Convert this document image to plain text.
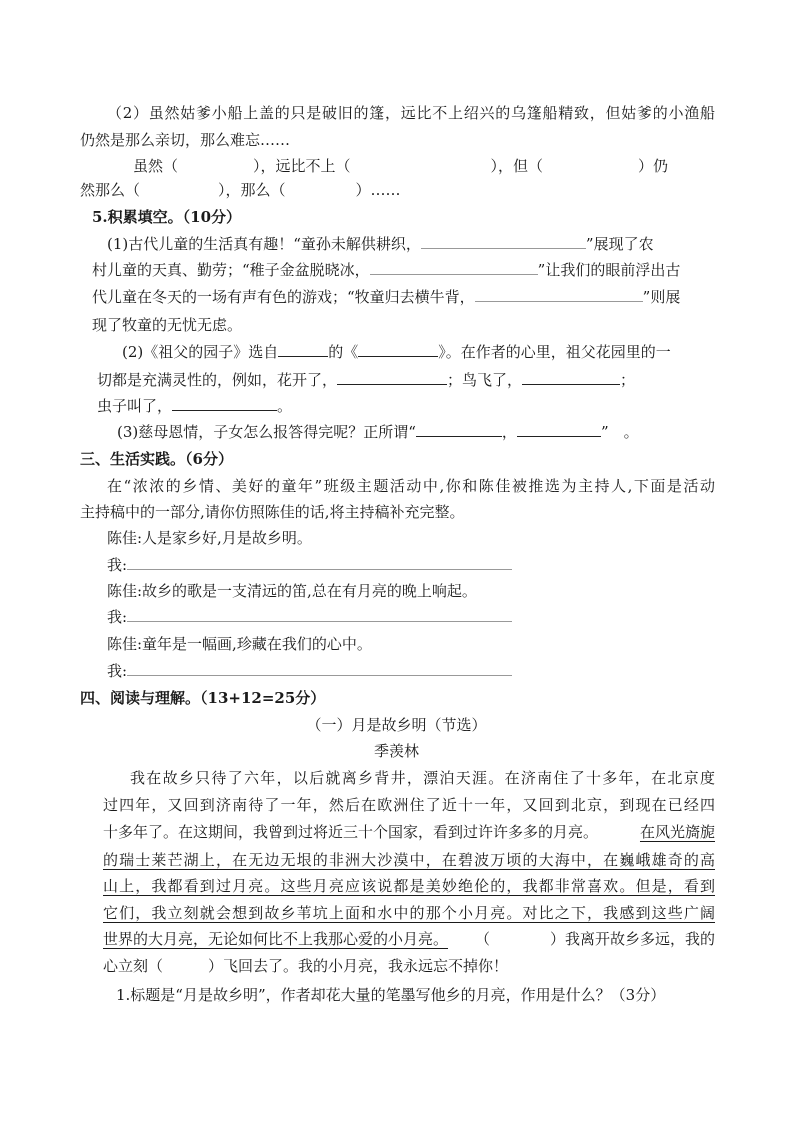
（2）虽然姑爹小船上盖的只是破旧的篷，远比不上绍兴的乌篷船精致，但姑爹的小渔船
仍然是那么亲切，那么难忘……
虽然（	），远比不上（	），但（	）仍
然那么（	），那么（	）……
5.积累填空。（10分）
(1)古代儿童的生活真有趣！“童孙未解供耕织，	”展现了农
村儿童的天真、勤劳；“稚子金盆脱晓冰，	”让我们的眼前浮出古
代儿童在冬天的一场有声有色的游戏；“牧童归去横牛背，	”则展
现了牧童的无忧无虑。
(2)《祖父的园子》选自	的《	》。在作者的心里，祖父花园里的一
切都是充满灵性的，例如，花开了，	；鸟飞了，	；
虫子叫了，	。
(3)慈母恩情，子女怎么报答得完呢？正所谓“	，	”　。
三、生活实践。（6分）
在“浓浓的乡情、美好的童年”班级主题活动中,你和陈佳被推选为主持人,下面是活动
主持稿中的一部分,请你仿照陈佳的话,将主持稿补充完整。
陈佳:人是家乡好,月是故乡明。
我:
陈佳:故乡的歌是一支清远的笛,总在有月亮的晚上响起。
我:
陈佳:童年是一幅画,珍藏在我们的心中。
我:
四、阅读与理解。（13+12=25分）
（一）月是故乡明（节选）
季羡林
我在故乡只待了六年，以后就离乡背井，漂泊天涯。在济南住了十多年，在北京度
过四年，又回到济南待了一年，然后在欧洲住了近十一年，又回到北京，到现在已经四
十多年了。在这期间，我曾到过将近三十个国家，看到过许许多多的月亮。	在风光旖旎
的瑞士莱芒湖上，在无边无垠的非洲大沙漠中，在碧波万顷的大海中，在巍峨雄奇的高
山上，我都看到过月亮。这些月亮应该说都是美妙绝伦的，我都非常喜欢。但是，看到
它们，我立刻就会想到故乡苇坑上面和水中的那个小月亮。对比之下，我感到这些广阔
世界的大月亮，无论如何比不上我那心爱的小月亮。 （　　　　）我离开故乡多远，我的
心立刻（　　　）飞回去了。我的小月亮，我永远忘不掉你！
1.标题是“月是故乡明”，作者却花大量的笔墨写他乡的月亮，作用是什么？（3分）
